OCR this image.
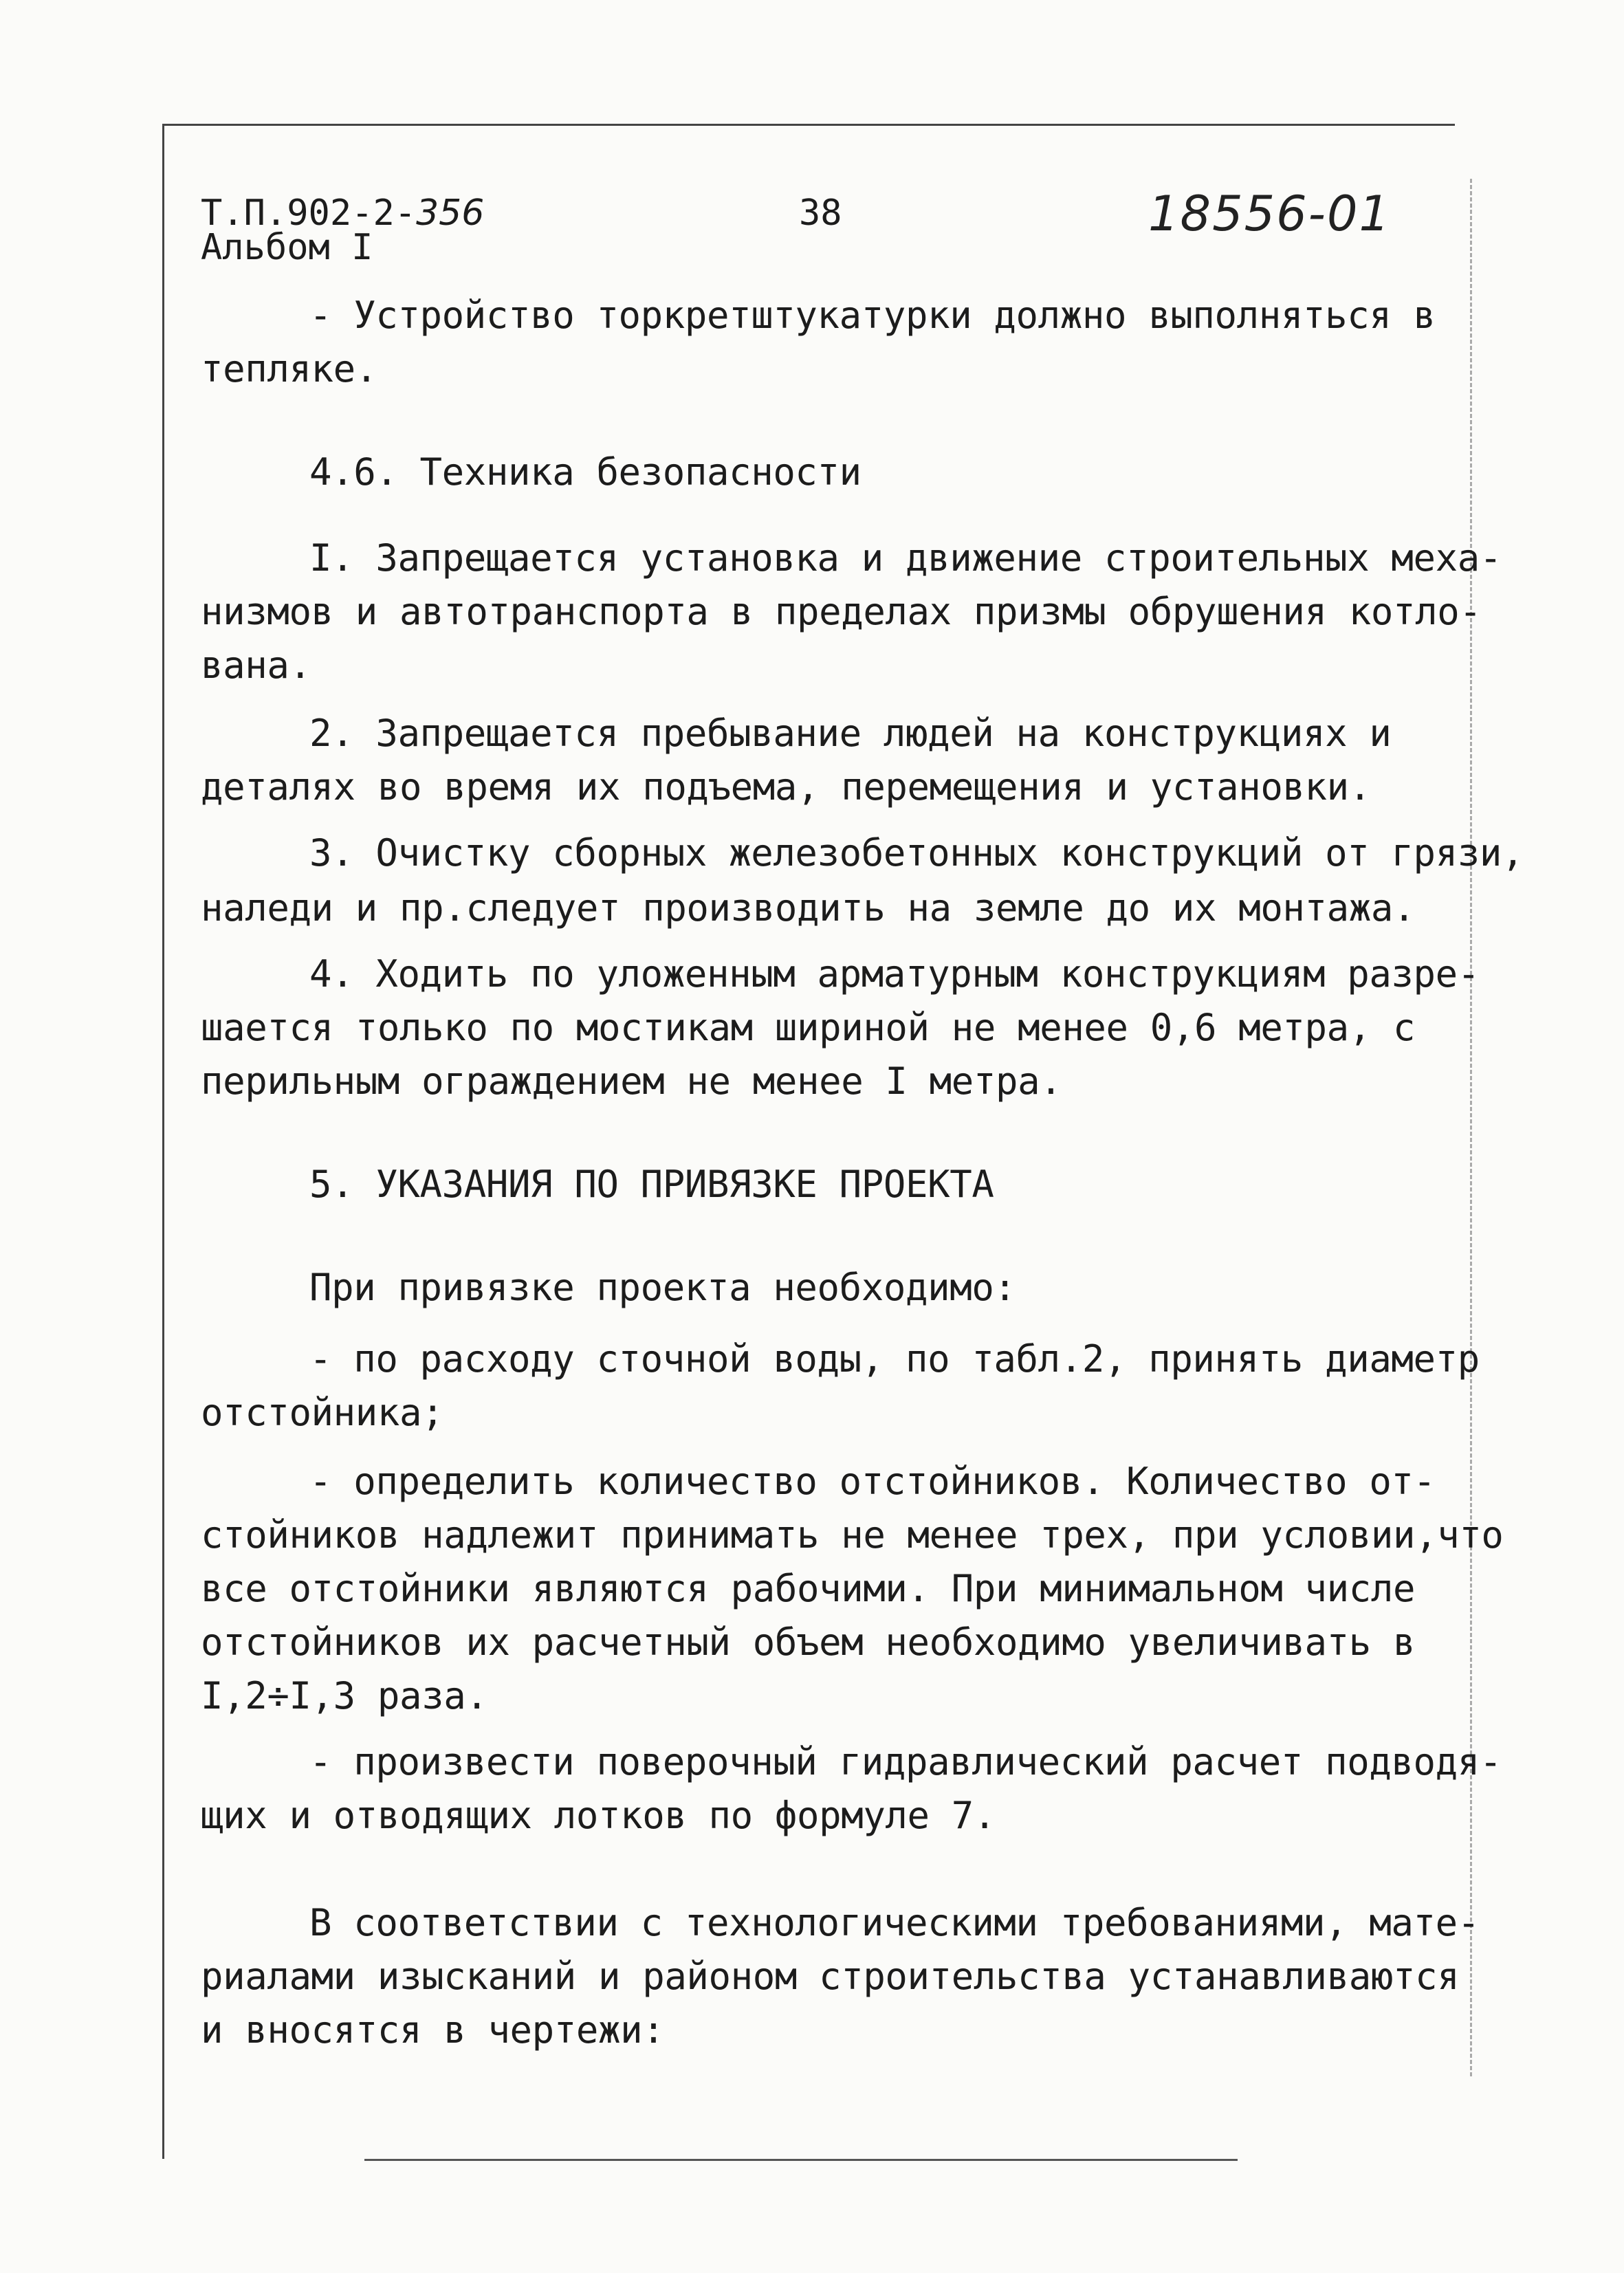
Т.П.902-2-356
Альбом I
38	18556-01
- Устройство торкретштукатурки должно выполняться в
тепляке.
4.6. Техника безопасности
I. Запрещается установка и движение строительных меха-
низмов и автотранспорта в пределах призмы обрушения котло-
вана.
2. Запрещается пребывание людей на конструкциях и
деталях во время их подъема, перемещения и установки.
3. Очистку сборных железобетонных конструкций от грязи,
наледи и пр.следует производить на земле до их монтажа.
4. Ходить по уложенным арматурным конструкциям разре-
шается только по мостикам шириной не менее 0,6 метра, с
перильным ограждением не менее I метра.
5. УКАЗАНИЯ ПО ПРИВЯЗКЕ ПРОЕКТА
При привязке проекта необходимо:
- по расходу сточной воды, по табл.2, принять диаметр
отстойника;
- определить количество отстойников. Количество от-
стойников надлежит принимать не менее трех, при условии,что
все отстойники являются рабочими. При минимальном числе
отстойников их расчетный объем необходимо увеличивать в
I,2÷I,3 раза.
- произвести поверочный гидравлический расчет подводя-
щих и отводящих лотков по формуле 7.
В соответствии с технологическими требованиями, мате-
риалами изысканий и районом строительства устанавливаются
и вносятся в чертежи:
